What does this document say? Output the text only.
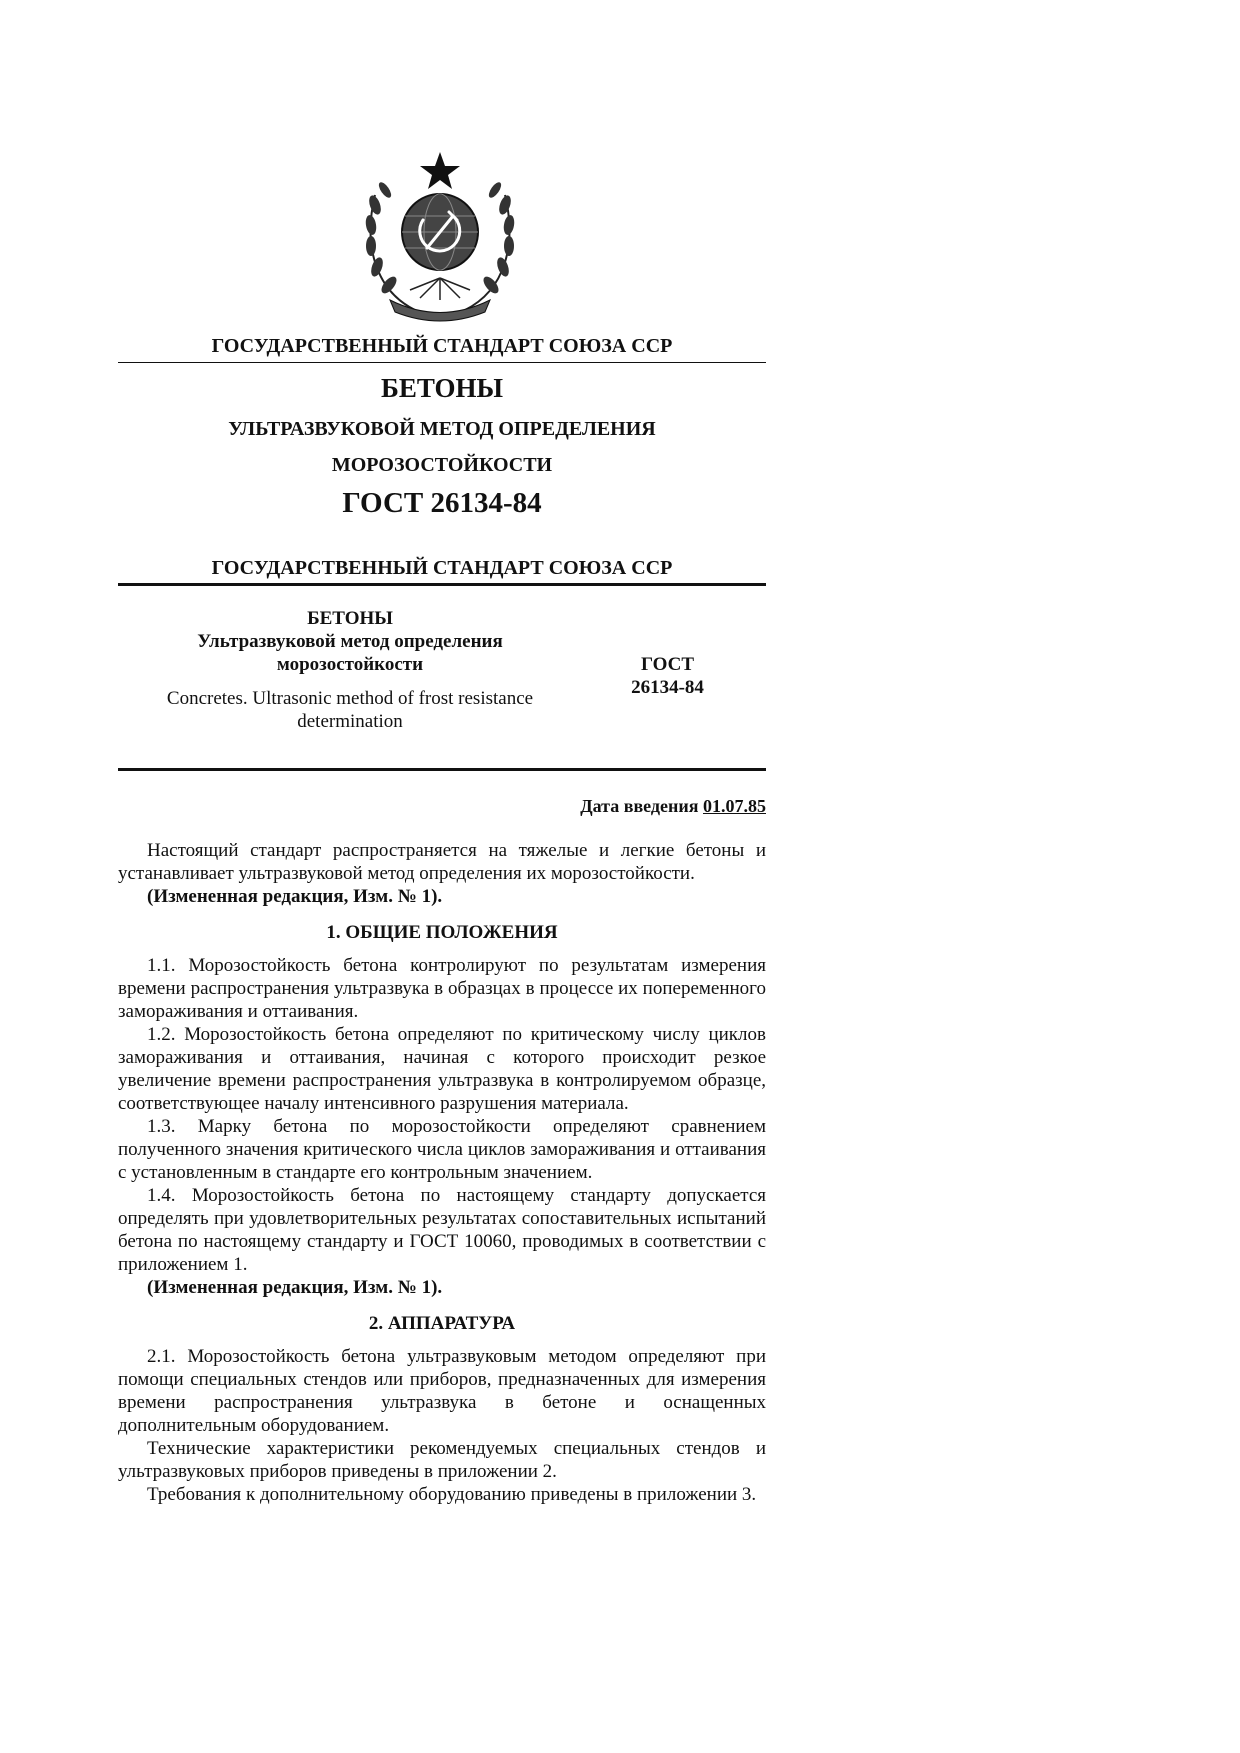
ГОСУДАРСТВЕННЫЙ СТАНДАРТ СОЮЗА ССР
БЕТОНЫ
УЛЬТРАЗВУКОВОЙ МЕТОД ОПРЕДЕЛЕНИЯ
МОРОЗОСТОЙКОСТИ
ГОСТ 26134-84
ГОСУДАРСТВЕННЫЙ СТАНДАРТ СОЮЗА ССР
БЕТОНЫ
Ультразвуковой метод определения
морозостойкости
Concretes. Ultrasonic method of frost resistance determination
ГОСТ
26134-84
Дата введения 01.07.85

Настоящий стандарт распространяется на тяжелые и легкие бетоны и устанавливает ультразвуковой метод определения их морозостойкости.

(Измененная редакция, Изм. № 1).

1. ОБЩИЕ ПОЛОЖЕНИЯ

1.1. Морозостойкость бетона контролируют по результатам измерения времени распространения ультразвука в образцах в процессе их попеременного замораживания и оттаивания.

1.2. Морозостойкость бетона определяют по критическому числу циклов замораживания и оттаивания, начиная с которого происходит резкое увеличение времени распространения ультразвука в контролируемом образце, соответствующее началу интенсивного разрушения материала.

1.3. Марку бетона по морозостойкости определяют сравнением полученного значения критического числа циклов замораживания и оттаивания с установленным в стандарте его контрольным значением.

1.4. Морозостойкость бетона по настоящему стандарту допускается определять при удовлетворительных результатах сопоставительных испытаний бетона по настоящему стандарту и ГОСТ 10060, проводимых в соответствии с приложением 1.

(Измененная редакция, Изм. № 1).

2. АППАРАТУРА

2.1. Морозостойкость бетона ультразвуковым методом определяют при помощи специальных стендов или приборов, предназначенных для измерения времени распространения ультразвука в бетоне и оснащенных дополнительным оборудованием.

Технические характеристики рекомендуемых специальных стендов и ультразвуковых приборов приведены в приложении 2.

Требования к дополнительному оборудованию приведены в приложении 3.
